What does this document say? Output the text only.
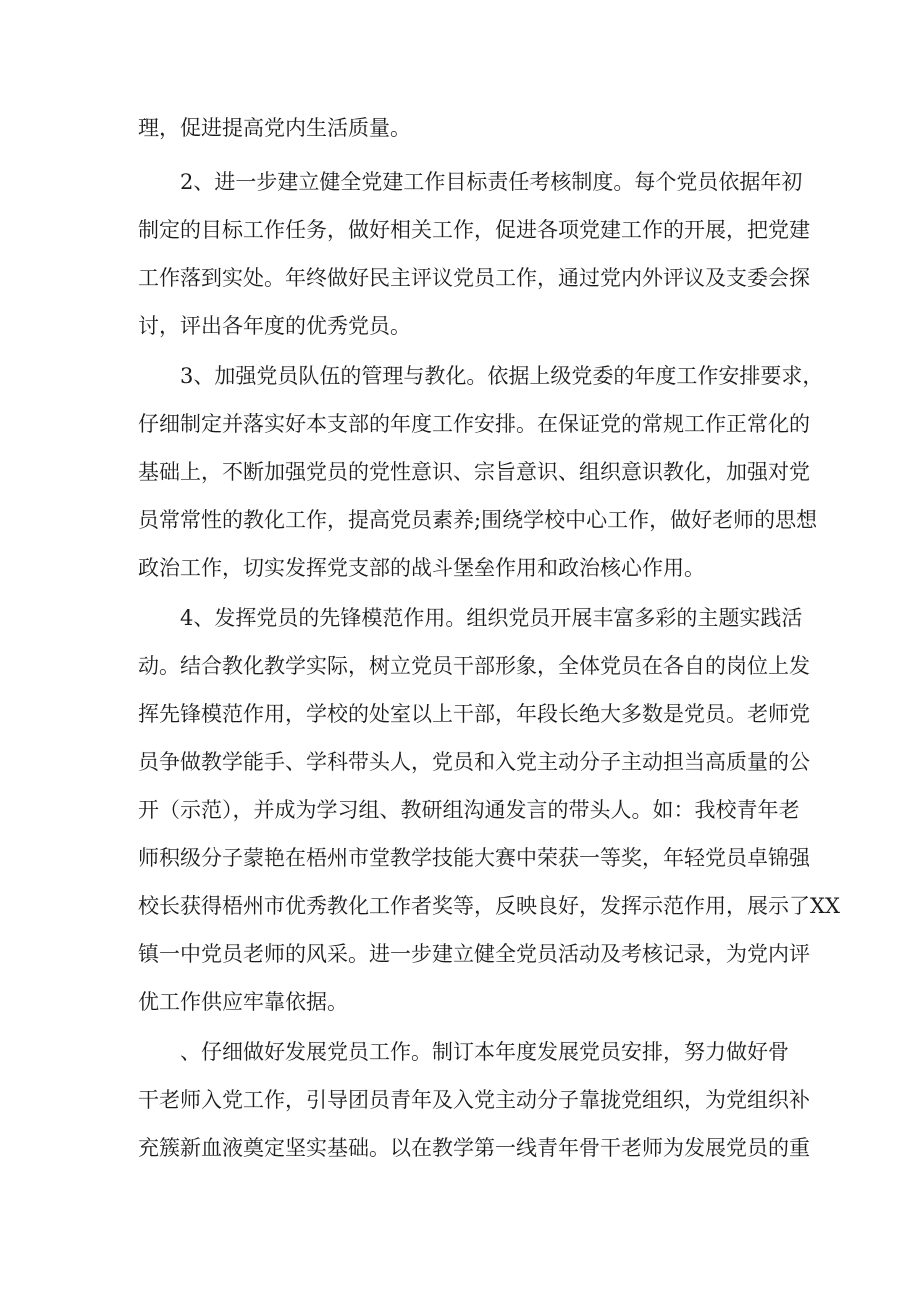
理，促进提高党内生活质量。
　　2、进一步建立健全党建工作目标责任考核制度。每个党员依据年初
制定的目标工作任务，做好相关工作，促进各项党建工作的开展，把党建
工作落到实处。年终做好民主评议党员工作，通过党内外评议及支委会探
讨，评出各年度的优秀党员。
　　3、加强党员队伍的管理与教化。依据上级党委的年度工作安排要求，
仔细制定并落实好本支部的年度工作安排。在保证党的常规工作正常化的
基础上，不断加强党员的党性意识、宗旨意识、组织意识教化，加强对党
员常常性的教化工作，提高党员素养;围绕学校中心工作，做好老师的思想
政治工作，切实发挥党支部的战斗堡垒作用和政治核心作用。
　　4、发挥党员的先锋模范作用。组织党员开展丰富多彩的主题实践活
动。结合教化教学实际，树立党员干部形象，全体党员在各自的岗位上发
挥先锋模范作用，学校的处室以上干部，年段长绝大多数是党员。老师党
员争做教学能手、学科带头人，党员和入党主动分子主动担当高质量的公
开（示范），并成为学习组、教研组沟通发言的带头人。如：我校青年老
师积级分子蒙艳在梧州市堂教学技能大赛中荣获一等奖，年轻党员卓锦强
校长获得梧州市优秀教化工作者奖等，反映良好，发挥示范作用，展示了XX
镇一中党员老师的风采。进一步建立健全党员活动及考核记录，为党内评
优工作供应牢靠依据。
　　、仔细做好发展党员工作。制订本年度发展党员安排，努力做好骨
干老师入党工作，引导团员青年及入党主动分子靠拢党组织，为党组织补
充簇新血液奠定坚实基础。以在教学第一线青年骨干老师为发展党员的重
